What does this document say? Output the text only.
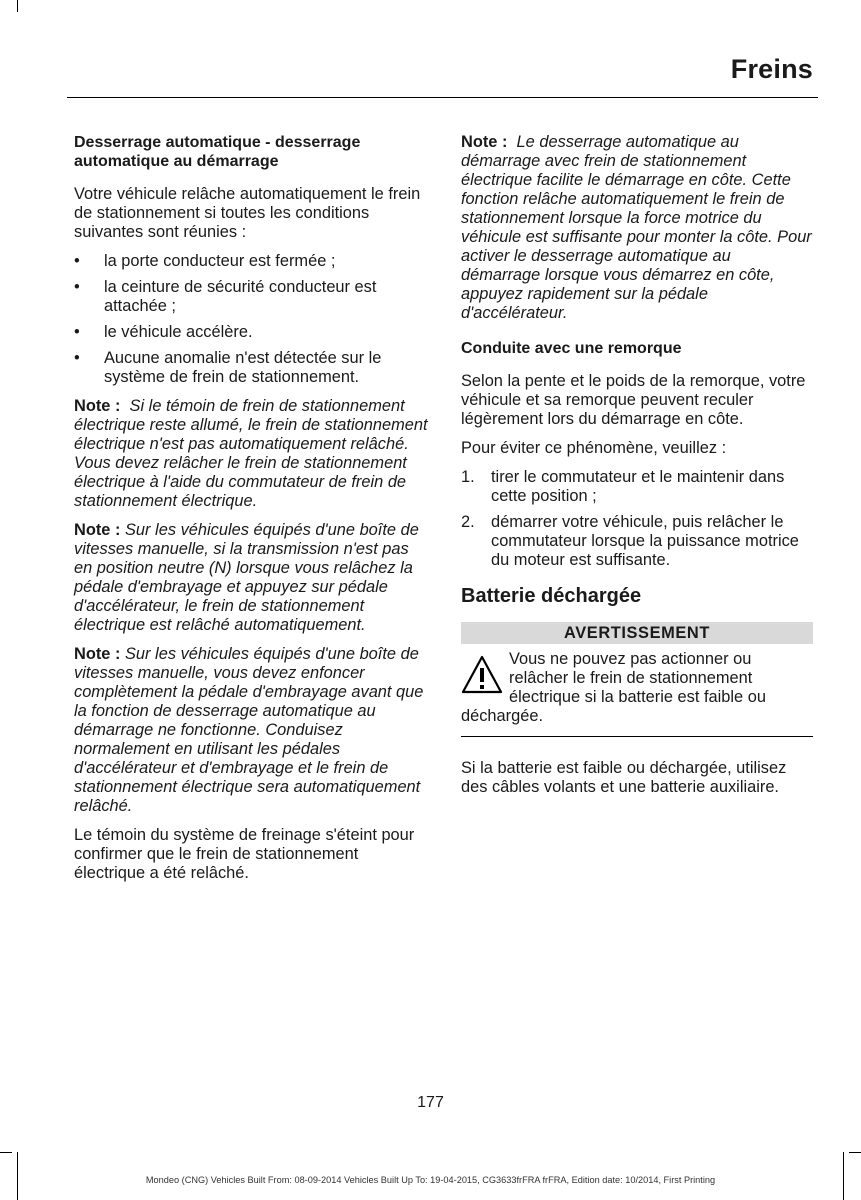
Freins
Desserrage automatique - desserrage automatique au démarrage

Votre véhicule relâche automatiquement le frein de stationnement si toutes les conditions suivantes sont réunies :

• la porte conducteur est fermée ;
• la ceinture de sécurité conducteur est attachée ;
• le véhicule accélère.
• Aucune anomalie n'est détectée sur le système de frein de stationnement.

Note : Si le témoin de frein de stationnement électrique reste allumé, le frein de stationnement électrique n'est pas automatiquement relâché. Vous devez relâcher le frein de stationnement électrique à l'aide du commutateur de frein de stationnement électrique.

Note : Sur les véhicules équipés d'une boîte de vitesses manuelle, si la transmission n'est pas en position neutre (N) lorsque vous relâchez la pédale d'embrayage et appuyez sur pédale d'accélérateur, le frein de stationnement électrique est relâché automatiquement.

Note : Sur les véhicules équipés d'une boîte de vitesses manuelle, vous devez enfoncer complètement la pédale d'embrayage avant que la fonction de desserrage automatique au démarrage ne fonctionne. Conduisez normalement en utilisant les pédales d'accélérateur et d'embrayage et le frein de stationnement électrique sera automatiquement relâché.

Le témoin du système de freinage s'éteint pour confirmer que le frein de stationnement électrique a été relâché.

Note : Le desserrage automatique au démarrage avec frein de stationnement électrique facilite le démarrage en côte. Cette fonction relâche automatiquement le frein de stationnement lorsque la force motrice du véhicule est suffisante pour monter la côte. Pour activer le desserrage automatique au démarrage lorsque vous démarrez en côte, appuyez rapidement sur la pédale d'accélérateur.

Conduite avec une remorque

Selon la pente et le poids de la remorque, votre véhicule et sa remorque peuvent reculer légèrement lors du démarrage en côte.

Pour éviter ce phénomène, veuillez :

1. tirer le commutateur et le maintenir dans cette position ;
2. démarrer votre véhicule, puis relâcher le commutateur lorsque la puissance motrice du moteur est suffisante.
Batterie déchargée
AVERTISSEMENT
Vous ne pouvez pas actionner ou relâcher le frein de stationnement électrique si la batterie est faible ou déchargée.

Si la batterie est faible ou déchargée, utilisez des câbles volants et une batterie auxiliaire.

177
Mondeo (CNG) Vehicles Built From: 08-09-2014 Vehicles Built Up To: 19-04-2015, CG3633frFRA frFRA, Edition date: 10/2014, First Printing
